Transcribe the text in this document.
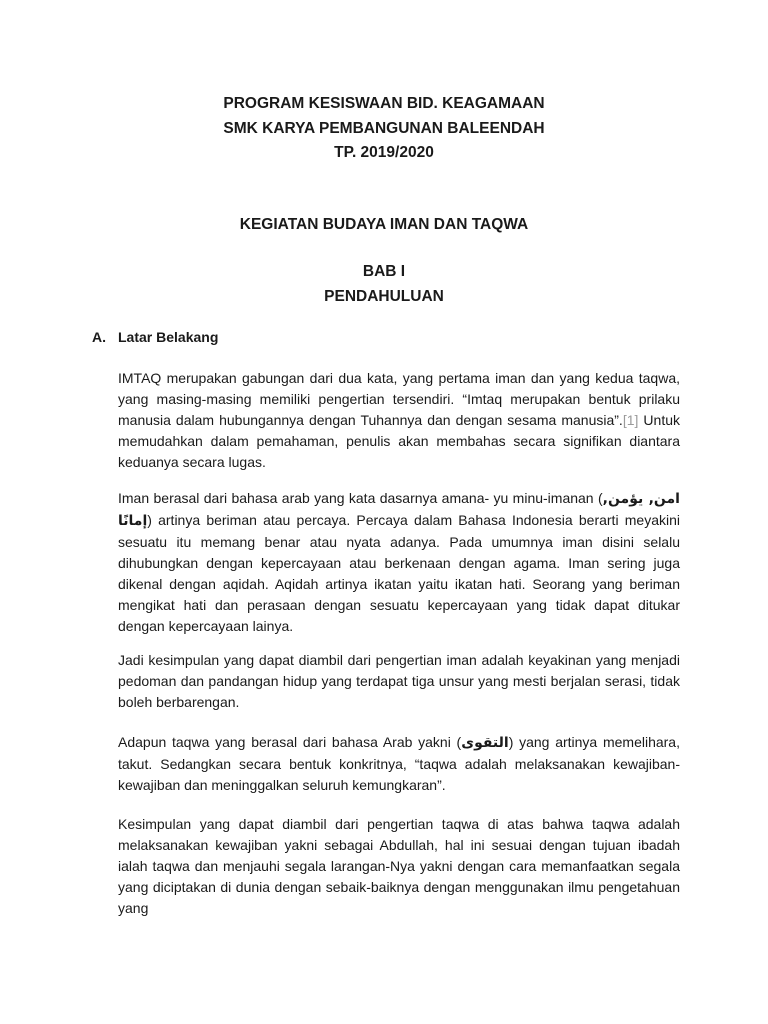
PROGRAM KESISWAAN BID. KEAGAMAAN
SMK KARYA PEMBANGUNAN BALEENDAH
TP. 2019/2020
KEGIATAN BUDAYA IMAN DAN TAQWA
BAB I
PENDAHULUAN
A. Latar Belakang

IMTAQ merupakan gabungan dari dua kata, yang pertama iman dan yang kedua taqwa, yang masing-masing memiliki pengertian tersendiri. “Imtaq merupakan bentuk prilaku manusia dalam hubungannya dengan Tuhannya dan dengan sesama manusia”.[1] Untuk memudahkan dalam pemahaman, penulis akan membahas secara signifikan diantara keduanya secara lugas.

Iman berasal dari bahasa arab yang kata dasarnya amana- yu minu-imanan (امن, يؤمن, إمانًا) artinya beriman atau percaya. Percaya dalam Bahasa Indonesia berarti meyakini sesuatu itu memang benar atau nyata adanya. Pada umumnya iman disini selalu dihubungkan dengan kepercayaan atau berkenaan dengan agama. Iman sering juga dikenal dengan aqidah. Aqidah artinya ikatan yaitu ikatan hati. Seorang yang beriman mengikat hati dan perasaan dengan sesuatu kepercayaan yang tidak dapat ditukar dengan kepercayaan lainya.

Jadi kesimpulan yang dapat diambil dari pengertian iman adalah keyakinan yang menjadi pedoman dan pandangan hidup yang terdapat tiga unsur yang mesti berjalan serasi, tidak boleh berbarengan.

Adapun taqwa yang berasal dari bahasa Arab yakni (التقوى) yang artinya memelihara, takut. Sedangkan secara bentuk konkritnya, “taqwa adalah melaksanakan kewajiban-kewajiban dan meninggalkan seluruh kemungkaran”.

Kesimpulan yang dapat diambil dari pengertian taqwa di atas bahwa taqwa adalah melaksanakan kewajiban yakni sebagai Abdullah, hal ini sesuai dengan tujuan ibadah ialah taqwa dan menjauhi segala larangan-Nya yakni dengan cara memanfaatkan segala yang diciptakan di dunia dengan sebaik-baiknya dengan menggunakan ilmu pengetahuan yang
